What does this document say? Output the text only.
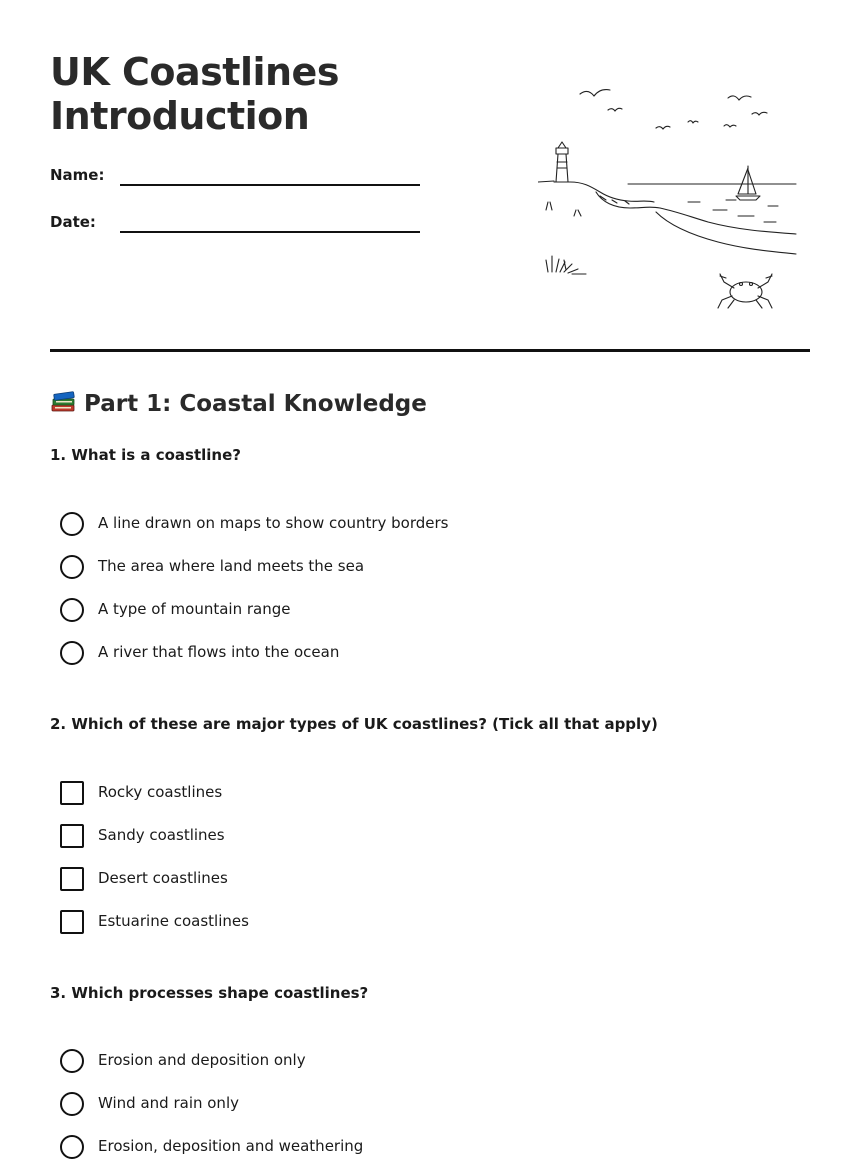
UK Coastlines
Introduction
Name:
Date:
Part 1: Coastal Knowledge
1. What is a coastline?
A line drawn on maps to show country borders
The area where land meets the sea
A type of mountain range
A river that flows into the ocean
2. Which of these are major types of UK coastlines? (Tick all that apply)
Rocky coastlines
Sandy coastlines
Desert coastlines
Estuarine coastlines
3. Which processes shape coastlines?
Erosion and deposition only
Wind and rain only
Erosion, deposition and weathering
